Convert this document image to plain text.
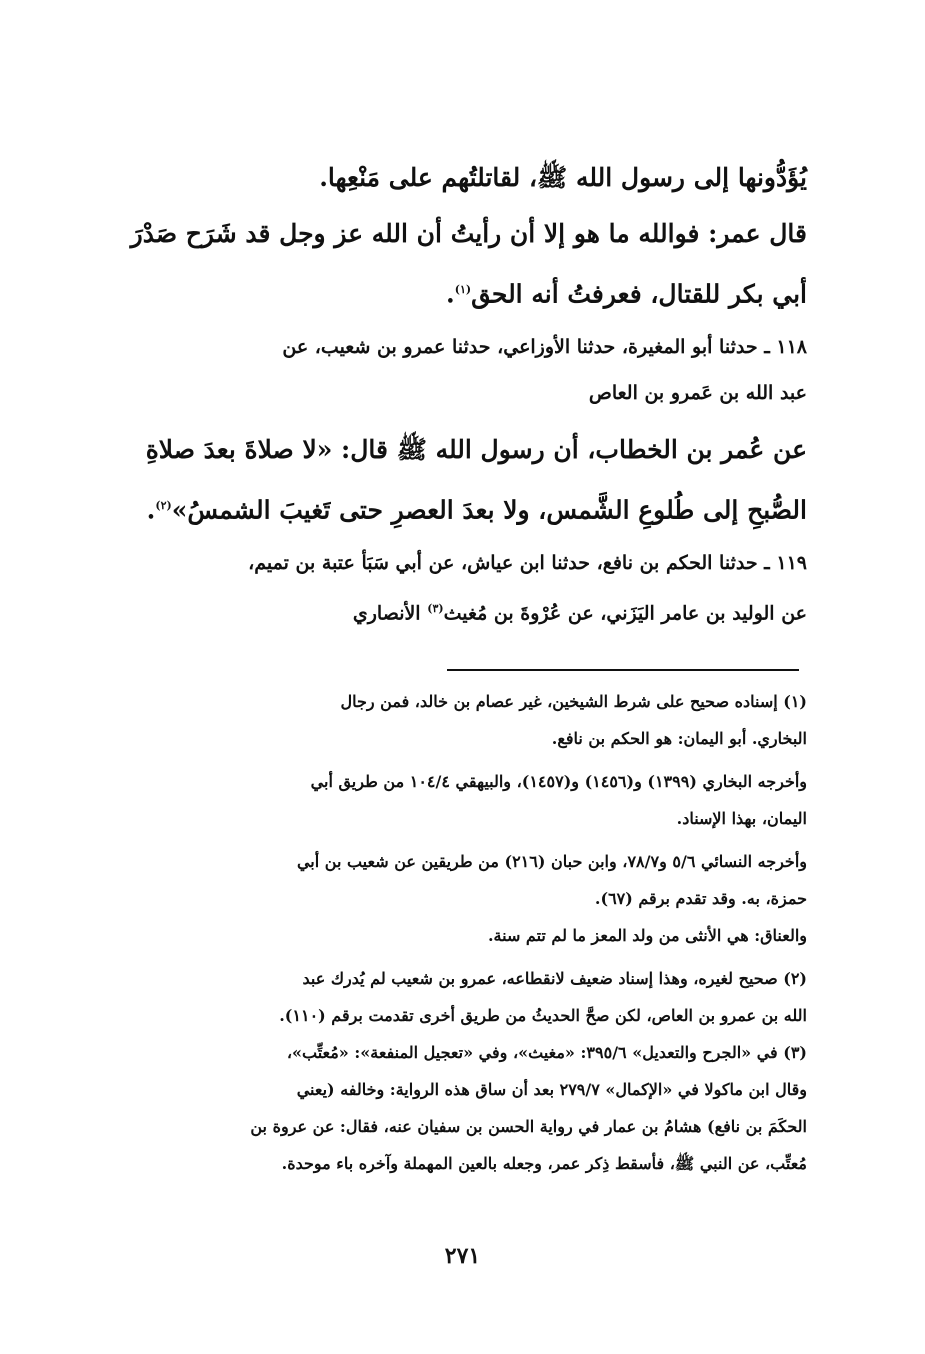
يُؤَدُّونها إلى رسول الله ﷺ، لقاتلتُهم على مَنْعِها.
قال عمر: فوالله ما هو إلا أن رأيتُ أن الله عز وجل قد شَرَح صَدْرَ
أبي بكر للقتال، فعرفتُ أنه الحق$^{(١)}$.
١١٨ ـ حدثنا أبو المغيرة، حدثنا الأوزاعي، حدثنا عمرو بن شعيب، عن
عبد الله بن عَمرو بن العاص
عن عُمر بن الخطاب، أن رسول الله ﷺ قال: «لا صلاةَ بعدَ صلاةِ
الصُّبحِ إلى طُلوعِ الشَّمس، ولا بعدَ العصرِ حتى تَغيبَ الشمسُ»$^{(٢)}$.
١١٩ ـ حدثنا الحكم بن نافع، حدثنا ابن عياش، عن أبي سَبَأ عتبة بن تميم،
عن الوليد بن عامر اليَزَني، عن عُرْوةَ بن مُغيث$^{(٣)}$ الأنصاري
(١) إسناده صحيح على شرط الشيخين، غير عصام بن خالد، فمن رجال
البخاري. أبو اليمان: هو الحكم بن نافع.
وأخرجه البخاري (١٣٩٩) و(١٤٥٦) و(١٤٥٧)، والبيهقي ١٠٤/٤ من طريق أبي
اليمان، بهذا الإسناد.
وأخرجه النسائي ٥/٦ و٧٨/٧، وابن حبان (٢١٦) من طريقين عن شعيب بن أبي
حمزة، به. وقد تقدم برقم (٦٧).
والعناق: هي الأنثى من ولد المعز ما لم تتم سنة.
(٢) صحيح لغيره، وهذا إسناد ضعيف لانقطاعه، عمرو بن شعيب لم يُدرك عبد
الله بن عمرو بن العاص، لكن صحَّ الحديثُ من طريق أخرى تقدمت برقم (١١٠).
(٣) في «الجرح والتعديل» ٣٩٥/٦: «مغيث»، وفي «تعجيل المنفعة»: «مُعتِّب»،
وقال ابن ماكولا في «الإكمال» ٢٧٩/٧ بعد أن ساق هذه الرواية: وخالفه (يعني
الحكَمَ بن نافع) هشامُ بن عمار في رواية الحسن بن سفيان عنه، فقال: عن عروة بن
مُعتِّب، عن النبي ﷺ، فأسقط ذِكر عمر، وجعله بالعين المهملة وآخره باء موحدة.
٢٧١
